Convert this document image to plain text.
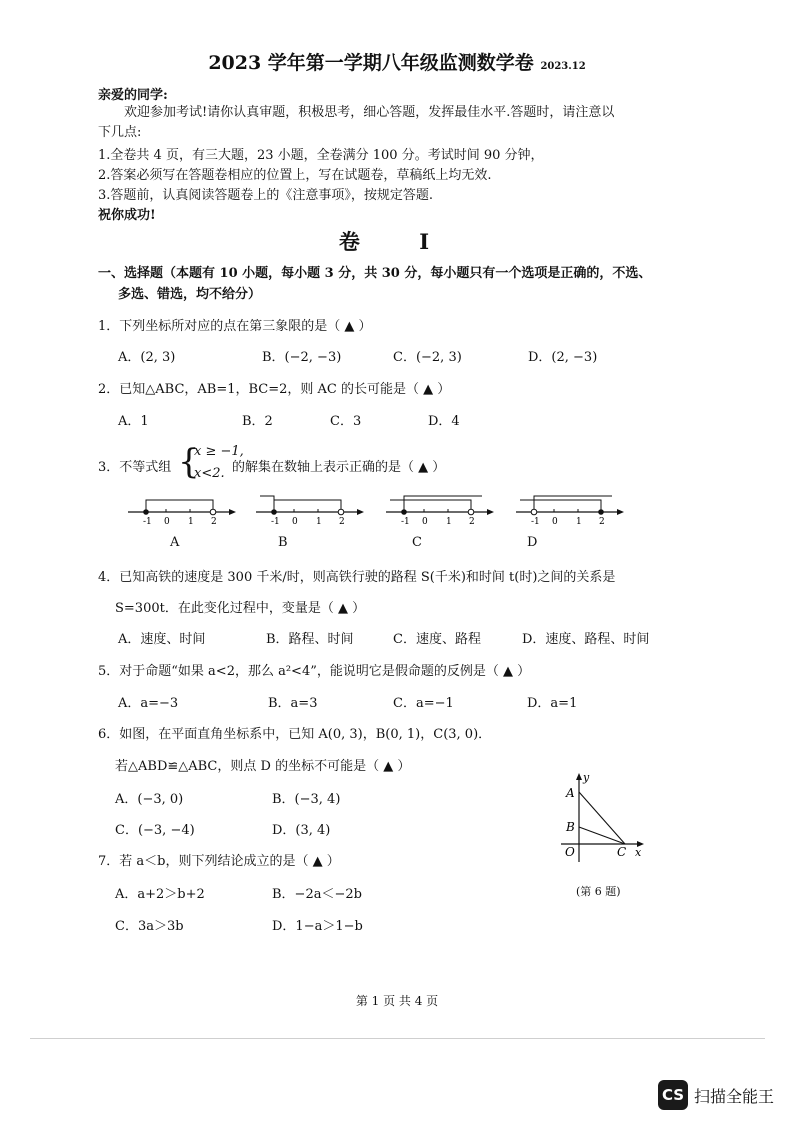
2023 学年第一学期八年级监测数学卷 2023.12
亲爱的同学:
欢迎参加考试!请你认真审题，积极思考，细心答题，发挥最佳水平.答题时，请注意以
下几点:
1.全卷共 4 页，有三大题，23 小题，全卷满分 100 分。考试时间 90 分钟，
2.答案必须写在答题卷相应的位置上，写在试题卷，草稿纸上均无效.
3.答题前，认真阅读答题卷上的《注意事项》，按规定答题.
祝你成功!
卷 I
一、选择题（本题有 10 小题，每小题 3 分，共 30 分，每小题只有一个选项是正确的，不选、
多选、错选，均不给分）
1．下列坐标所对应的点在第三象限的是（ ▲ ）
A．(2, 3)	B．(−2, −3)	C．(−2, 3)	D．(2, −3)
2．已知△ABC，AB=1，BC=2，则 AC 的长可能是（ ▲ ）
A．1	B．2	C．3	D．4
3．不等式组 {
x ≥ −1,
x<2. 的解集在数轴上表示正确的是（ ▲ ）
-1 0 1 2	-1 0 1 2	-1 0 1 2	-1 0 1 2
A	B	C	D
4．已知高铁的速度是 300 千米/时，则高铁行驶的路程 S(千米)和时间 t(时)之间的关系是
S=300t．在此变化过程中，变量是（ ▲ ）
A．速度、时间	B．路程、时间	C．速度、路程	D．速度、路程、时间
5．对于命题“如果 a<2，那么 a²<4”，能说明它是假命题的反例是（ ▲ ）
A．a=−3	B．a=3	C．a=−1	D．a=1
6．如图，在平面直角坐标系中，已知 A(0, 3)，B(0, 1)，C(3, 0)．
若△ABD≌△ABC，则点 D 的坐标不可能是（ ▲ ）
A．(−3, 0)	B．(−3, 4)
C．(−3, −4)	D．(3, 4)
y
A
B
O	C x
(第 6 题)
7．若 a＜b，则下列结论成立的是（ ▲ ）
A．a+2＞b+2	B．−2a＜−2b
C．3a＞3b	D．1−a＞1−b
第 1 页 共 4 页
CS 扫描全能王
